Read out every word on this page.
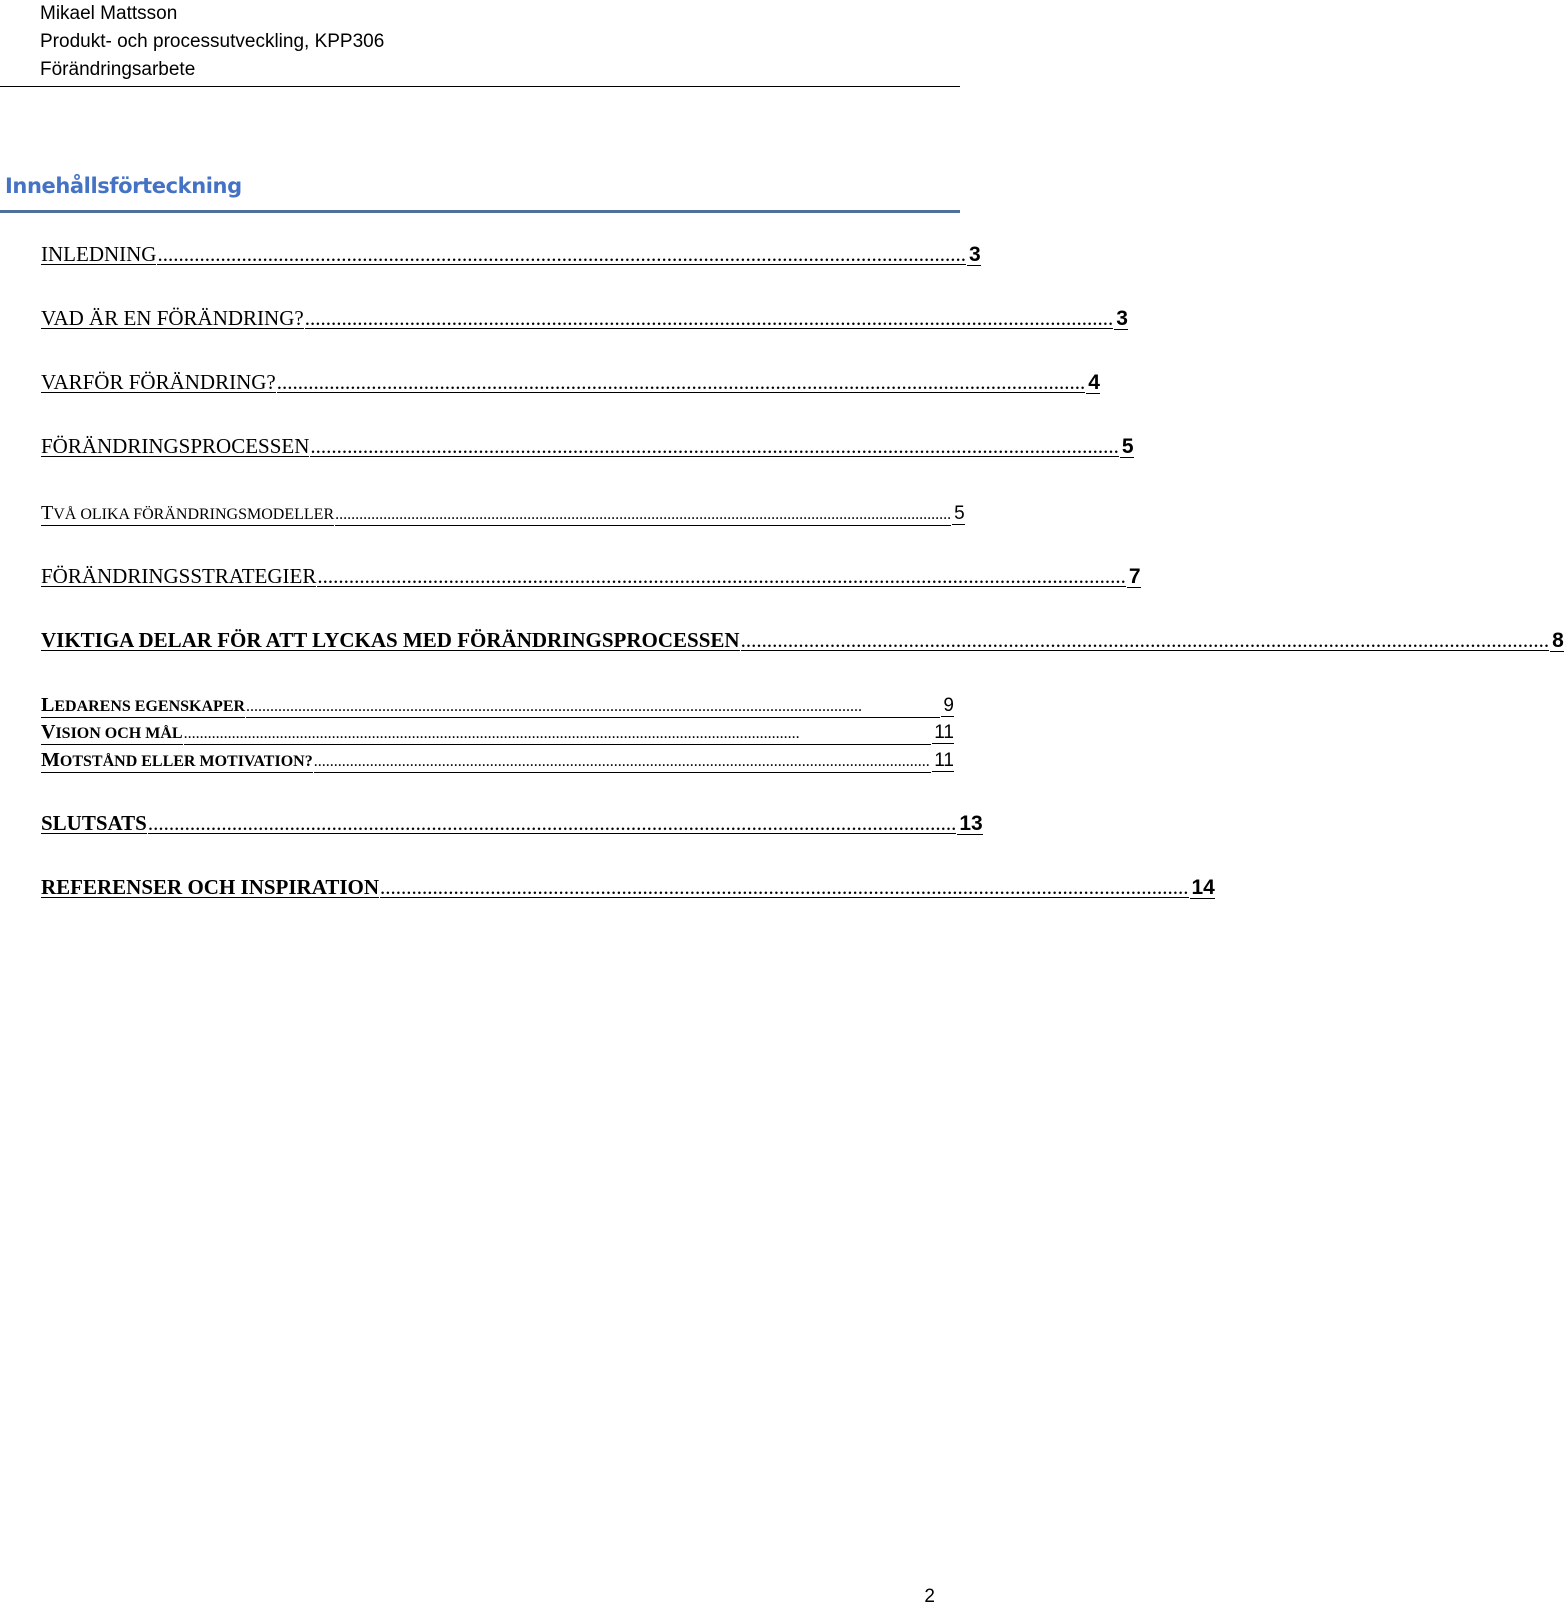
Mikael Mattsson
Produkt- och processutveckling, KPP306
Förändringsarbete
Innehållsförteckning
INLEDNING .......................................................................................................................................................... 3
VAD ÄR EN FÖRÄNDRING? .......................................................................................................................................................... 3
VARFÖR FÖRÄNDRING? .......................................................................................................................................................... 4
FÖRÄNDRINGSPROCESSEN .......................................................................................................................................................... 5
TVÅ OLIKA FÖRÄNDRINGSMODELLER .......................................................................................................................................................... 5
FÖRÄNDRINGSSTRATEGIER .......................................................................................................................................................... 7
VIKTIGA DELAR FÖR ATT LYCKAS MED FÖRÄNDRINGSPROCESSEN .......................................................................................................................................................... 8
LEDARENS EGENSKAPER ..........................................................................................................................................................	9
VISION OCH MÅL ..........................................................................................................................................................	11
MOTSTÅND ELLER MOTIVATION? .......................................................................................................................................................... 11
SLUTSATS .......................................................................................................................................................... 13
REFERENSER OCH INSPIRATION .......................................................................................................................................................... 14
2
